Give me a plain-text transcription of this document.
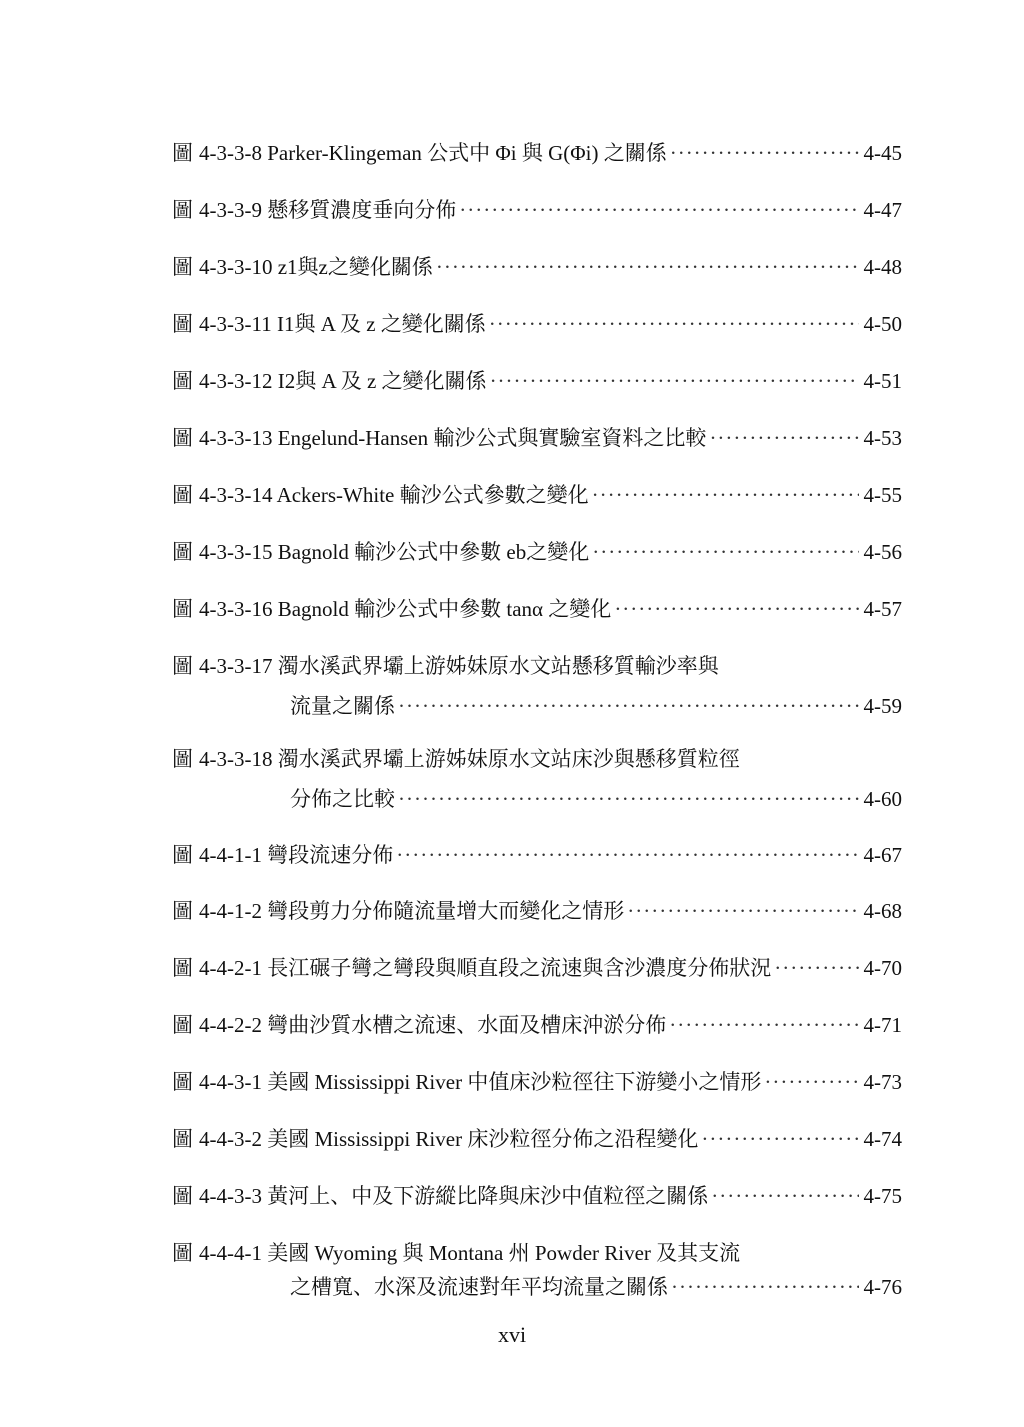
圖 4-3-3-8 Parker-Klingeman 公式中 Φi 與 G(Φi) 之關係 ·····	4-45
圖 4-3-3-9 懸移質濃度垂向分佈 ·····	4-47
圖 4-3-3-10 z1與z之變化關係 ·····	4-48
圖 4-3-3-11 I1與 A 及 z 之變化關係 ·····	4-50
圖 4-3-3-12 I2與 A 及 z 之變化關係 ·····	4-51
圖 4-3-3-13 Engelund-Hansen 輸沙公式與實驗室資料之比較 ·····	4-53
圖 4-3-3-14 Ackers-White 輸沙公式參數之變化 ·····	4-55
圖 4-3-3-15 Bagnold 輸沙公式中參數 eb之變化 ·····	4-56
圖 4-3-3-16 Bagnold 輸沙公式中參數 tanα 之變化 ·····	4-57
圖 4-3-3-17 濁水溪武界壩上游姊妹原水文站懸移質輸沙率與
流量之關係 ·····	4-59
圖 4-3-3-18 濁水溪武界壩上游姊妹原水文站床沙與懸移質粒徑
分佈之比較 ·····	4-60
圖 4-4-1-1 彎段流速分佈 ·····	4-67
圖 4-4-1-2 彎段剪力分佈隨流量增大而變化之情形 ·····	4-68
圖 4-4-2-1 長江碾子彎之彎段與順直段之流速與含沙濃度分佈狀況 ·····	4-70
圖 4-4-2-2 彎曲沙質水槽之流速、水面及槽床沖淤分佈 ·····	4-71
圖 4-4-3-1 美國 Mississippi River 中值床沙粒徑往下游變小之情形 ·····	4-73
圖 4-4-3-2 美國 Mississippi River 床沙粒徑分佈之沿程變化 ·····	4-74
圖 4-4-3-3 黃河上、中及下游縱比降與床沙中值粒徑之關係 ·····	4-75
圖 4-4-4-1 美國 Wyoming 與 Montana 州 Powder River 及其支流
之槽寬、水深及流速對年平均流量之關係 ·····	4-76
xvi
